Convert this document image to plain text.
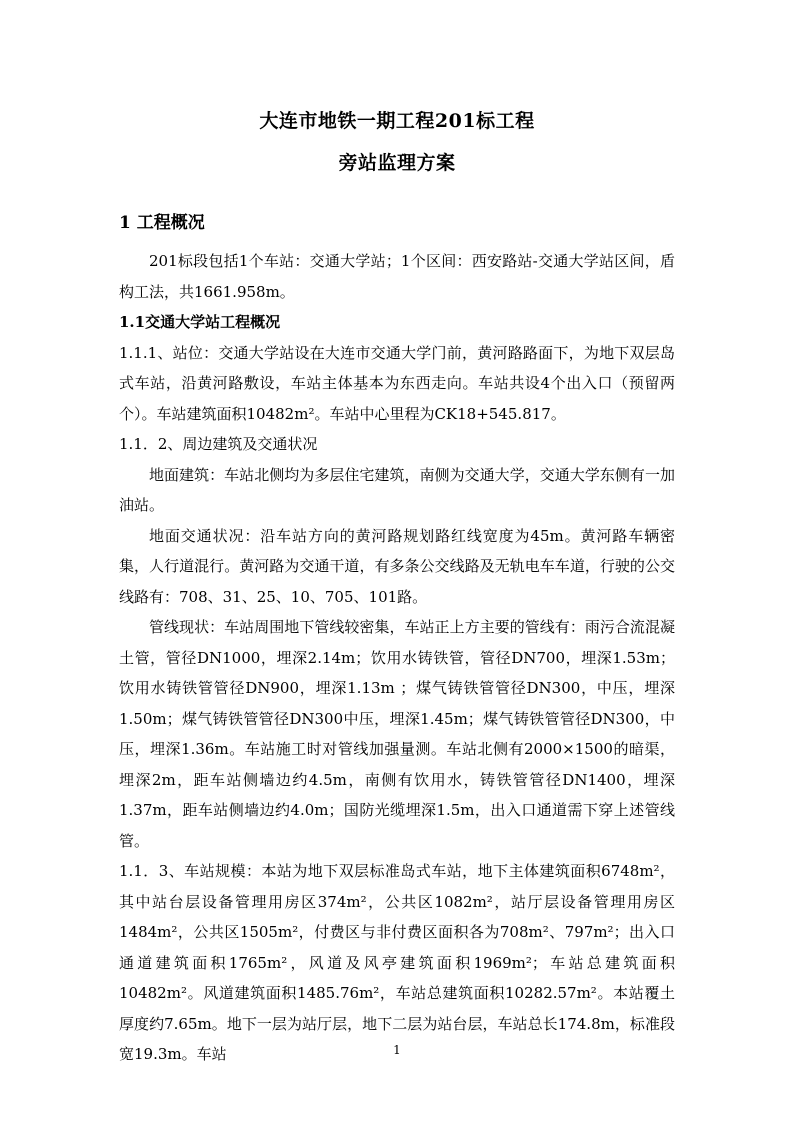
大连市地铁一期工程201标工程
旁站监理方案
1 工程概况

201标段包括1个车站：交通大学站；1个区间：西安路站-交通大学站区间，盾构工法，共1661.958m。

1.1交通大学站工程概况

1.1.1、站位：交通大学站设在大连市交通大学门前，黄河路路面下，为地下双层岛式车站，沿黄河路敷设，车站主体基本为东西走向。车站共设4个出入口（预留两个）。车站建筑面积10482m²。车站中心里程为CK18+545.817。

1.1．2、周边建筑及交通状况

地面建筑：车站北侧均为多层住宅建筑，南侧为交通大学，交通大学东侧有一加油站。

地面交通状况：沿车站方向的黄河路规划路红线宽度为45m。黄河路车辆密集，人行道混行。黄河路为交通干道，有多条公交线路及无轨电车车道，行驶的公交线路有：708、31、25、10、705、101路。

管线现状：车站周围地下管线较密集，车站正上方主要的管线有：雨污合流混凝土管，管径DN1000，埋深2.14m；饮用水铸铁管，管径DN700，埋深1.53m；饮用水铸铁管管径DN900，埋深1.13m ；煤气铸铁管管径DN300，中压，埋深1.50m；煤气铸铁管管径DN300中压，埋深1.45m；煤气铸铁管管径DN300，中压，埋深1.36m。车站施工时对管线加强量测。车站北侧有2000×1500的暗渠，埋深2m，距车站侧墙边约4.5m，南侧有饮用水，铸铁管管径DN1400，埋深1.37m，距车站侧墙边约4.0m；国防光缆埋深1.5m，出入口通道需下穿上述管线管。

1.1．3、车站规模：本站为地下双层标准岛式车站，地下主体建筑面积6748m²，其中站台层设备管理用房区374m²，公共区1082m²，站厅层设备管理用房区1484m²，公共区1505m²，付费区与非付费区面积各为708m²、797m²；出入口通道建筑面积1765m²，风道及风亭建筑面积1969m²；车站总建筑面积10482m²。风道建筑面积1485.76m²，车站总建筑面积10282.57m²。本站覆土厚度约7.65m。地下一层为站厅层，地下二层为站台层，车站总长174.8m，标准段宽19.3m。车站	1
